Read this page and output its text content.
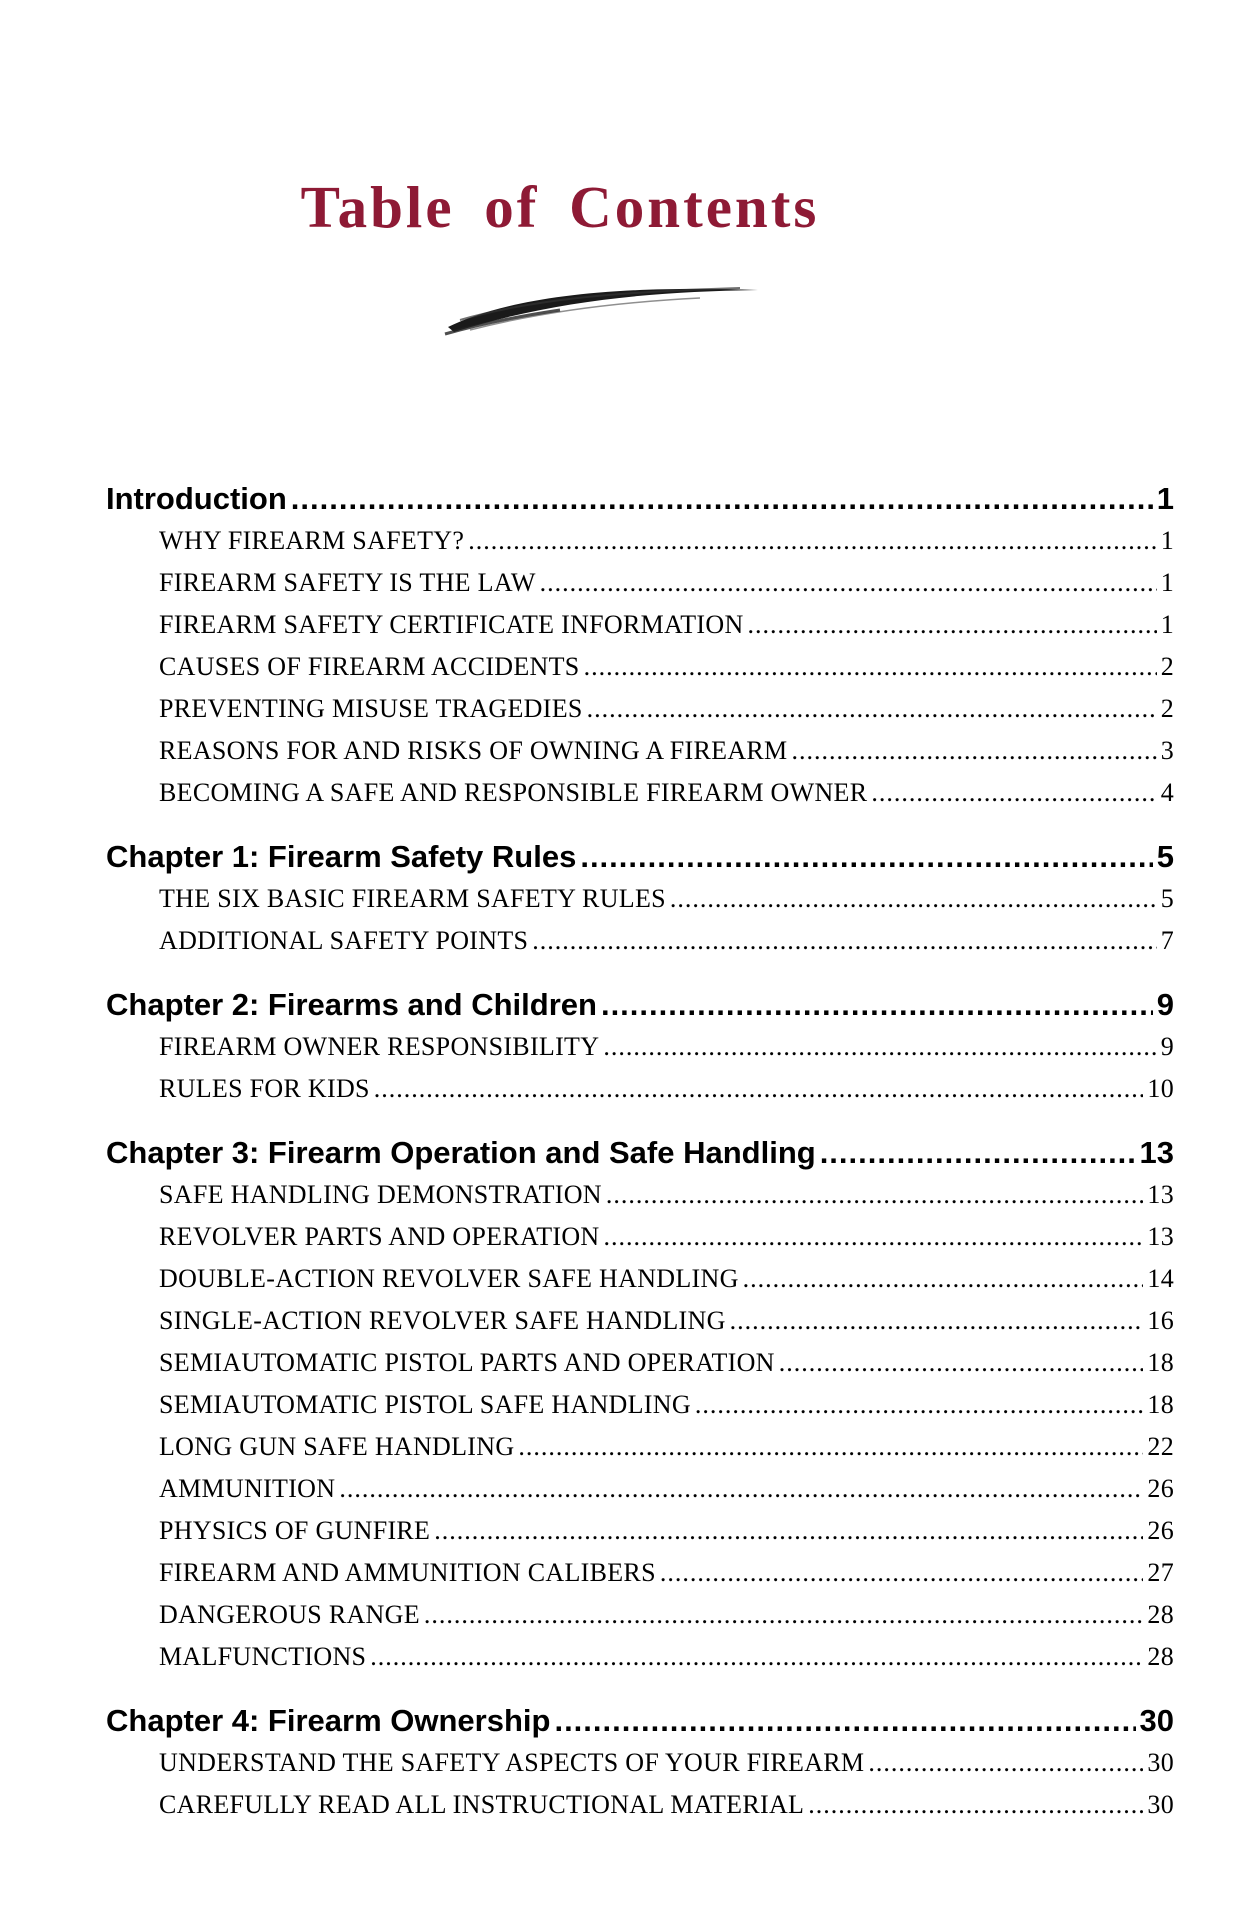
Table of Contents
Introduction .....	1
WHY FIREARM SAFETY? .....	1
FIREARM SAFETY IS THE LAW .....	1
FIREARM SAFETY CERTIFICATE INFORMATION .....	1
CAUSES OF FIREARM ACCIDENTS .....	2
PREVENTING MISUSE TRAGEDIES .....	2
REASONS FOR AND RISKS OF OWNING A FIREARM .....	3
BECOMING A SAFE AND RESPONSIBLE FIREARM OWNER .....	4
Chapter 1: Firearm Safety Rules .....	5
THE SIX BASIC FIREARM SAFETY RULES .....	5
ADDITIONAL SAFETY POINTS .....	7
Chapter 2: Firearms and Children .....	9
FIREARM OWNER RESPONSIBILITY .....	9
RULES FOR KIDS .....	10
Chapter 3: Firearm Operation and Safe Handling .....	13
SAFE HANDLING DEMONSTRATION .....	13
REVOLVER PARTS AND OPERATION .....	13
DOUBLE-ACTION REVOLVER SAFE HANDLING .....	14
SINGLE-ACTION REVOLVER SAFE HANDLING .....	16
SEMIAUTOMATIC PISTOL PARTS AND OPERATION .....	18
SEMIAUTOMATIC PISTOL SAFE HANDLING .....	18
LONG GUN SAFE HANDLING .....	22
AMMUNITION .....	26
PHYSICS OF GUNFIRE .....	26
FIREARM AND AMMUNITION CALIBERS .....	27
DANGEROUS RANGE .....	28
MALFUNCTIONS .....	28
Chapter 4: Firearm Ownership .....	30
UNDERSTAND THE SAFETY ASPECTS OF YOUR FIREARM .....	30
CAREFULLY READ ALL INSTRUCTIONAL MATERIAL .....	30
